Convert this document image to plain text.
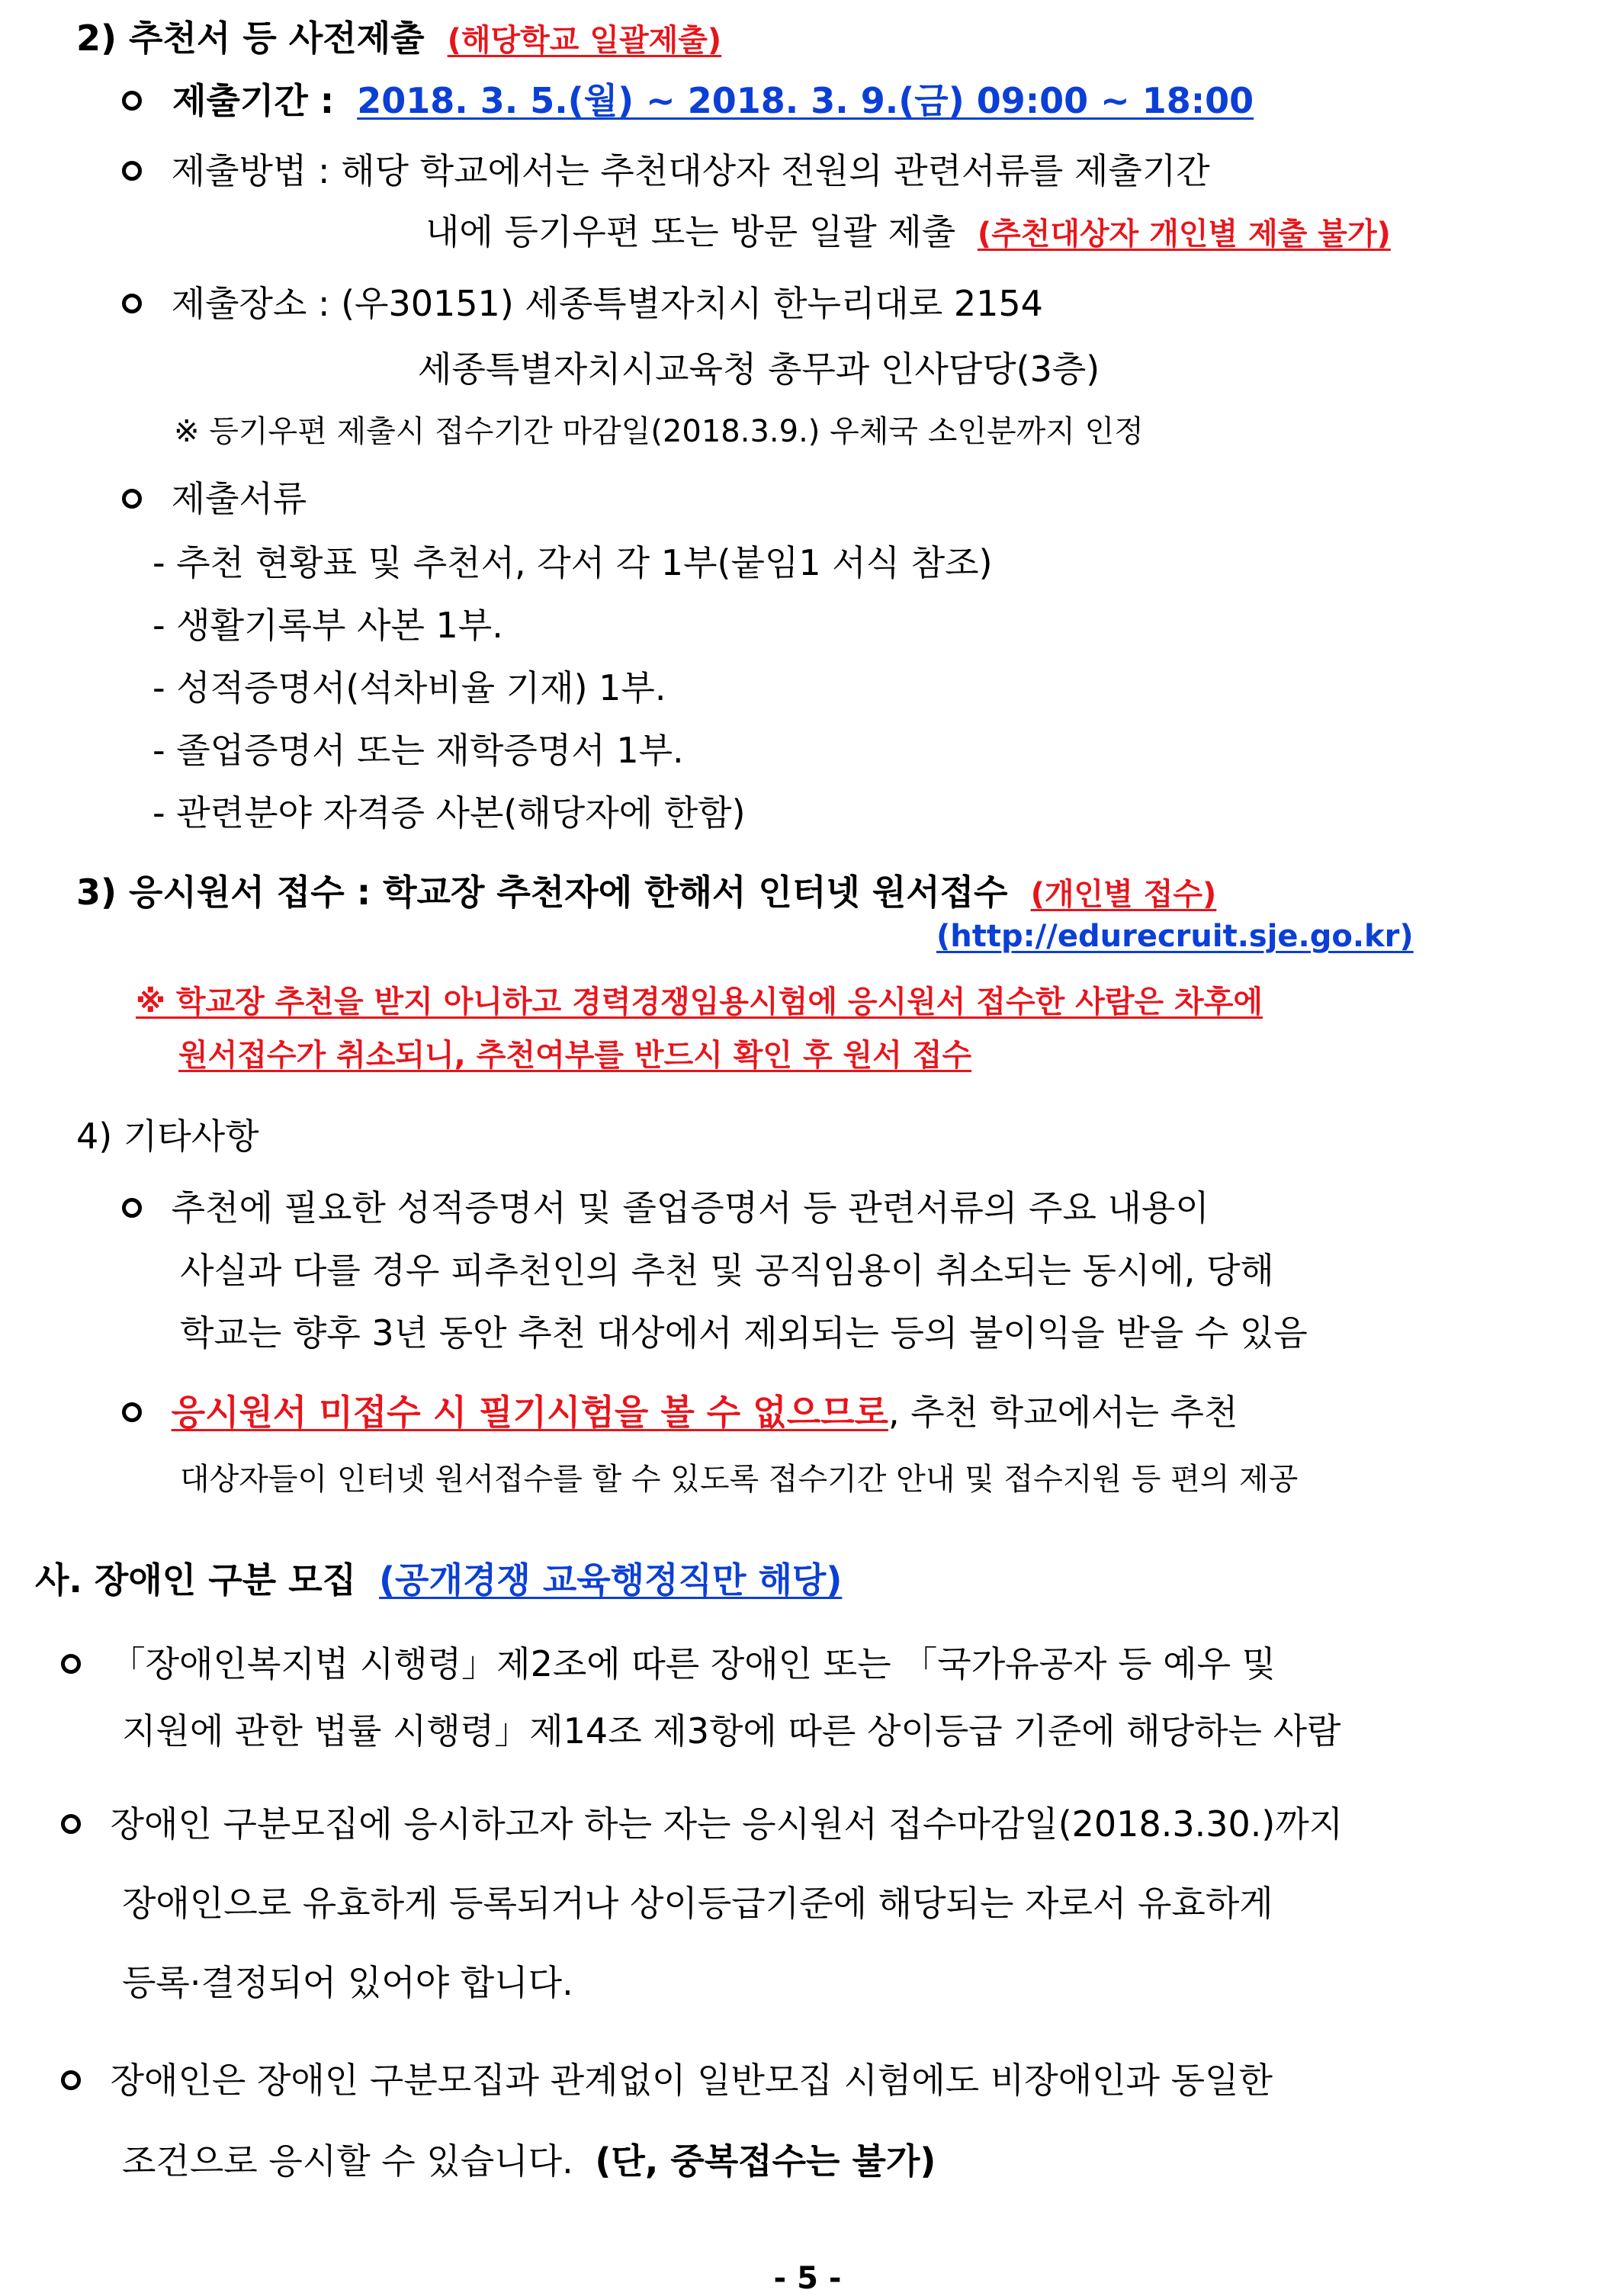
2) 추천서 등 사전제출 (해당학교 일괄제출)
제출기간 : 2018. 3. 5.(월) ~ 2018. 3. 9.(금) 09:00 ~ 18:00
제출방법 : 해당 학교에서는 추천대상자 전원의 관련서류를 제출기간
내에 등기우편 또는 방문 일괄 제출 (추천대상자 개인별 제출 불가)
제출장소 : (우30151) 세종특별자치시 한누리대로 2154
세종특별자치시교육청 총무과 인사담당(3층)
※ 등기우편 제출시 접수기간 마감일(2018.3.9.) 우체국 소인분까지 인정
제출서류
- 추천 현황표 및 추천서, 각서 각 1부(붙임1 서식 참조)
- 생활기록부 사본 1부.
- 성적증명서(석차비율 기재) 1부.
- 졸업증명서 또는 재학증명서 1부.
- 관련분야 자격증 사본(해당자에 한함)
3) 응시원서 접수 : 학교장 추천자에 한해서 인터넷 원서접수 (개인별 접수)
(http://edurecruit.sje.go.kr)
※ 학교장 추천을 받지 아니하고 경력경쟁임용시험에 응시원서 접수한 사람은 차후에
원서접수가 취소되니, 추천여부를 반드시 확인 후 원서 접수
4) 기타사항
추천에 필요한 성적증명서 및 졸업증명서 등 관련서류의 주요 내용이
사실과 다를 경우 피추천인의 추천 및 공직임용이 취소되는 동시에, 당해
학교는 향후 3년 동안 추천 대상에서 제외되는 등의 불이익을 받을 수 있음
응시원서 미접수 시 필기시험을 볼 수 없으므로, 추천 학교에서는 추천
대상자들이 인터넷 원서접수를 할 수 있도록 접수기간 안내 및 접수지원 등 편의 제공
사. 장애인 구분 모집 (공개경쟁 교육행정직만 해당)
「장애인복지법 시행령」제2조에 따른 장애인 또는 「국가유공자 등 예우 및
지원에 관한 법률 시행령」제14조 제3항에 따른 상이등급 기준에 해당하는 사람
장애인 구분모집에 응시하고자 하는 자는 응시원서 접수마감일(2018.3.30.)까지
장애인으로 유효하게 등록되거나 상이등급기준에 해당되는 자로서 유효하게
등록·결정되어 있어야 합니다.
장애인은 장애인 구분모집과 관계없이 일반모집 시험에도 비장애인과 동일한
조건으로 응시할 수 있습니다. (단, 중복접수는 불가)
- 5 -
